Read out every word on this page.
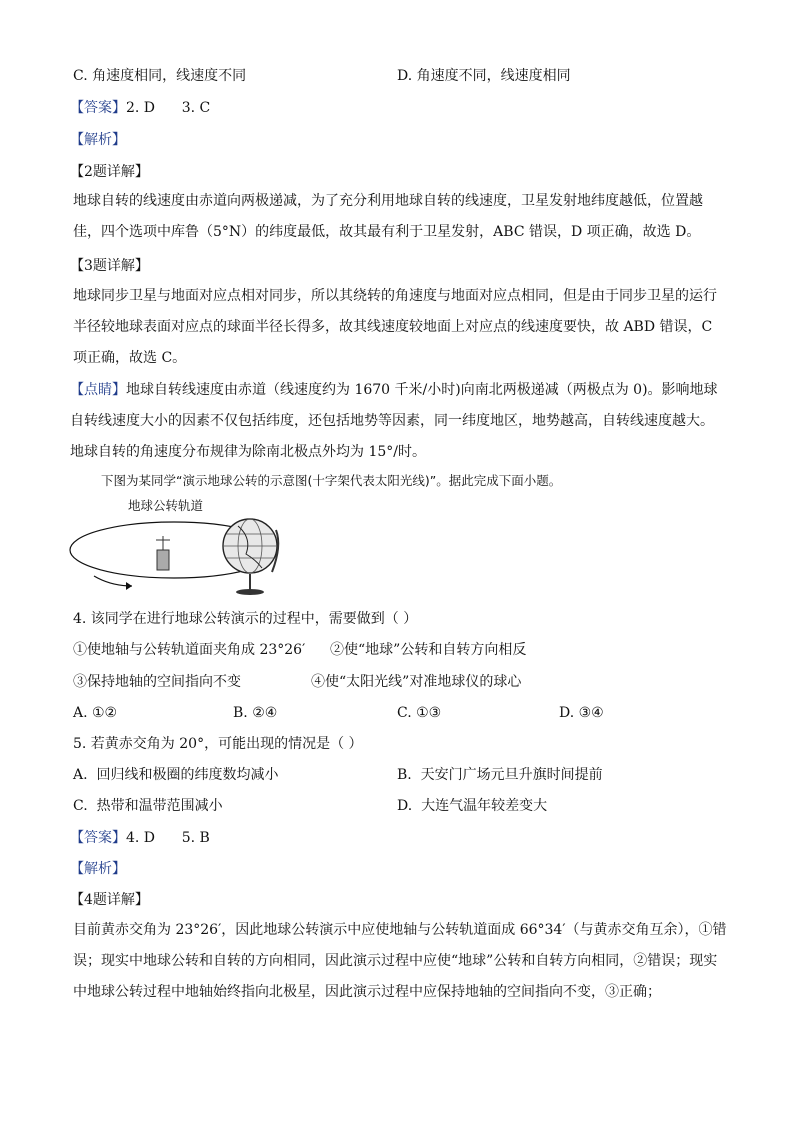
C. 角速度相同，线速度不同	D. 角速度不同，线速度相同
【答案】2. D      3. C
【解析】
【2题详解】
地球自转的线速度由赤道向两极递减，为了充分利用地球自转的线速度，卫星发射地纬度越低，位置越佳，四个选项中库鲁（5°N）的纬度最低，故其最有利于卫星发射，ABC 错误，D 项正确，故选 D。
【3题详解】
地球同步卫星与地面对应点相对同步，所以其绕转的角速度与地面对应点相同，但是由于同步卫星的运行半径较地球表面对应点的球面半径长得多，故其线速度较地面上对应点的线速度要快，故 ABD 错误，C 项正确，故选 C。
【点睛】地球自转线速度由赤道（线速度约为 1670 千米/小时)向南北两极递减（两极点为 0)。影响地球自转线速度大小的因素不仅包括纬度，还包括地势等因素，同一纬度地区，地势越高，自转线速度越大。地球自转的角速度分布规律为除南北极点外均为 15°/时。
下图为某同学“演示地球公转的示意图(十字架代表太阳光线)”。据此完成下面小题。
地球公转轨道
4. 该同学在进行地球公转演示的过程中，需要做到（ ）
①使地轴与公转轨道面夹角成 23°26′ ②使“地球”公转和自转方向相反
③保持地轴的空间指向不变	④使“太阳光线”对准地球仪的球心
A. ①②	B. ②④	C. ①③	D. ③④
5. 若黄赤交角为 20°，可能出现的情况是（ ）
A.  回归线和极圈的纬度数均减小	B.  天安门广场元旦升旗时间提前
C.  热带和温带范围减小	D.  大连气温年较差变大
【答案】4. D      5. B
【解析】
【4题详解】
目前黄赤交角为 23°26′，因此地球公转演示中应使地轴与公转轨道面成 66°34′（与黄赤交角互余），①错误；现实中地球公转和自转的方向相同，因此演示过程中应使“地球”公转和自转方向相同，②错误；现实中地球公转过程中地轴始终指向北极星，因此演示过程中应保持地轴的空间指向不变，③正确；
